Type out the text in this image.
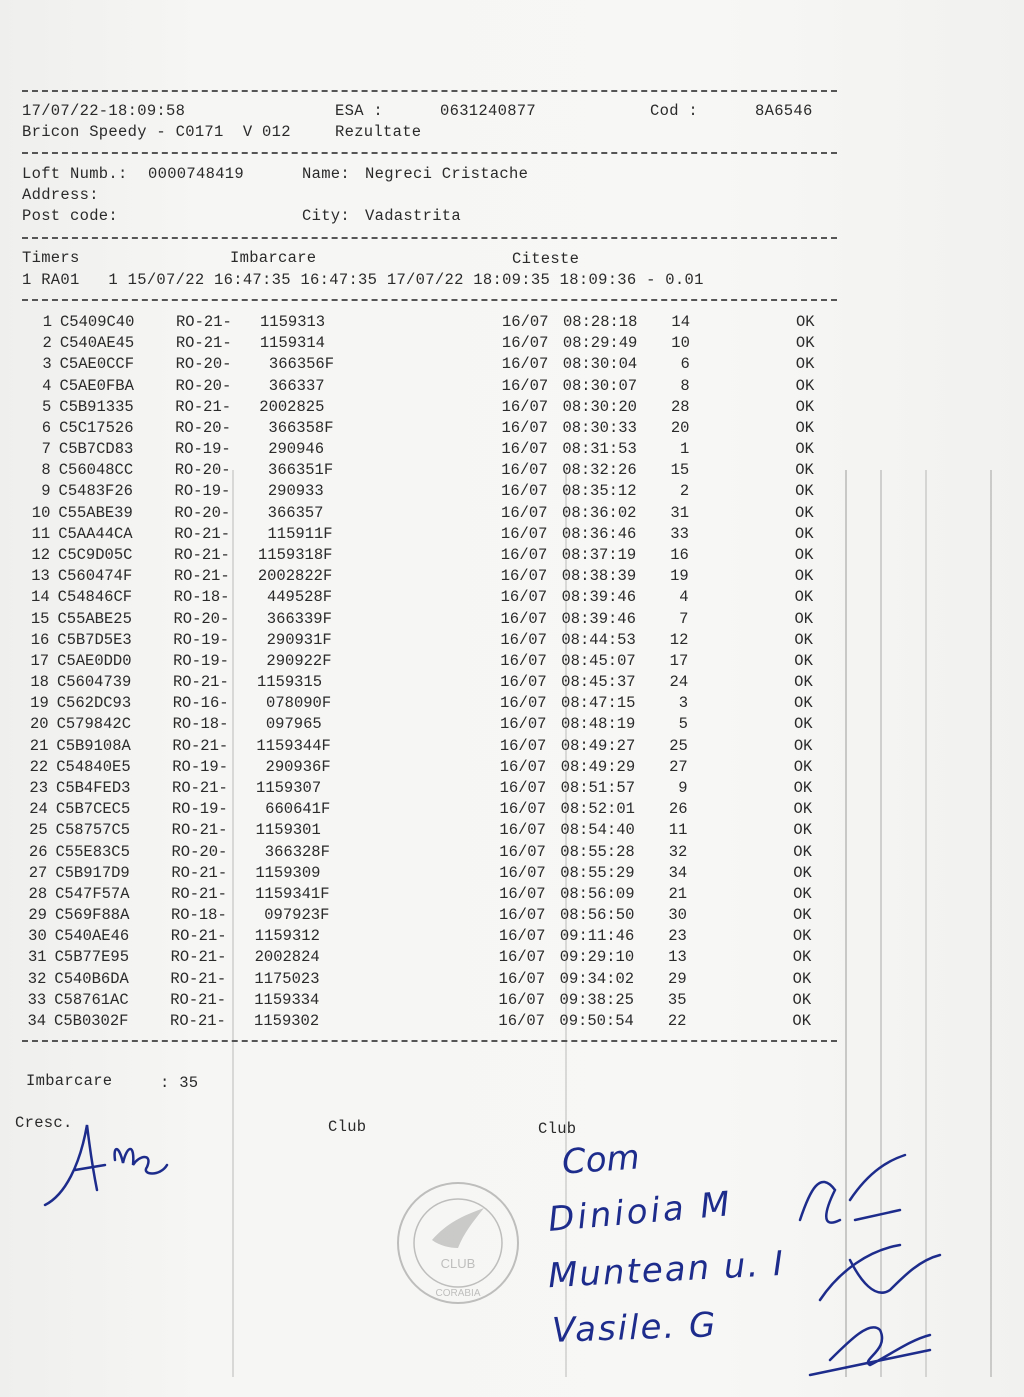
17/07/22-18:09:58	ESA :	0631240877	Cod :	8A6546
Bricon Speedy - C0171  V 012	Rezultate
Loft Numb.: 0000748419	Name: Negreci Cristache
Address:
Post code:	City: Vadastrita
Timers	Imbarcare	Citeste
1 RA01   1 15/07/22 16:47:35 16:47:35 17/07/22 18:09:35 18:09:36 - 0.01
1 C5409C40	RO-21- 1159313	16/07 08:28:18	14	OK
2 C540AE45	RO-21- 1159314	16/07 08:29:49	10	OK
3 C5AE0CCF	RO-20- 366356F	16/07 08:30:04	6	OK
4 C5AE0FBA	RO-20- 366337	16/07 08:30:07	8	OK
5 C5B91335	RO-21- 2002825	16/07 08:30:20	28	OK
6 C5C17526	RO-20- 366358F	16/07 08:30:33	20	OK
7 C5B7CD83	RO-19- 290946	16/07 08:31:53	1	OK
8 C56048CC	RO-20- 366351F	16/07 08:32:26	15	OK
9 C5483F26	RO-19- 290933	16/07 08:35:12	2	OK
10 C55ABE39	RO-20- 366357	16/07 08:36:02	31	OK
11 C5AA44CA	RO-21- 115911F	16/07 08:36:46	33	OK
12 C5C9D05C	RO-21- 1159318F	16/07 08:37:19	16	OK
13 C560474F	RO-21- 2002822F	16/07 08:38:39	19	OK
14 C54846CF	RO-18- 449528F	16/07 08:39:46	4	OK
15 C55ABE25	RO-20- 366339F	16/07 08:39:46	7	OK
16 C5B7D5E3	RO-19- 290931F	16/07 08:44:53	12	OK
17 C5AE0DD0	RO-19- 290922F	16/07 08:45:07	17	OK
18 C5604739	RO-21- 1159315	16/07 08:45:37	24	OK
19 C562DC93	RO-16- 078090F	16/07 08:47:15	3	OK
20 C579842C	RO-18- 097965	16/07 08:48:19	5	OK
21 C5B9108A	RO-21- 1159344F	16/07 08:49:27	25	OK
22 C54840E5	RO-19- 290936F	16/07 08:49:29	27	OK
23 C5B4FED3	RO-21- 1159307	16/07 08:51:57	9	OK
24 C5B7CEC5	RO-19- 660641F	16/07 08:52:01	26	OK
25 C58757C5	RO-21- 1159301	16/07 08:54:40	11	OK
26 C55E83C5	RO-20- 366328F	16/07 08:55:28	32	OK
27 C5B917D9	RO-21- 1159309	16/07 08:55:29	34	OK
28 C547F57A	RO-21- 1159341F	16/07 08:56:09	21	OK
29 C569F88A	RO-18- 097923F	16/07 08:56:50	30	OK
30 C540AE46	RO-21- 1159312	16/07 09:11:46	23	OK
31 C5B77E95	RO-21- 2002824	16/07 09:29:10	13	OK
32 C540B6DA	RO-21- 1175023	16/07 09:34:02	29	OK
33 C58761AC	RO-21- 1159334	16/07 09:38:25	35	OK
34 C5B0302F	RO-21- 1159302	16/07 09:50:54	22	OK
Imbarcare	: 35
Cresc.	Club	Club
CLUB
CORABIA
Com
Dinioia M
Muntean u. I
Vasile. G
